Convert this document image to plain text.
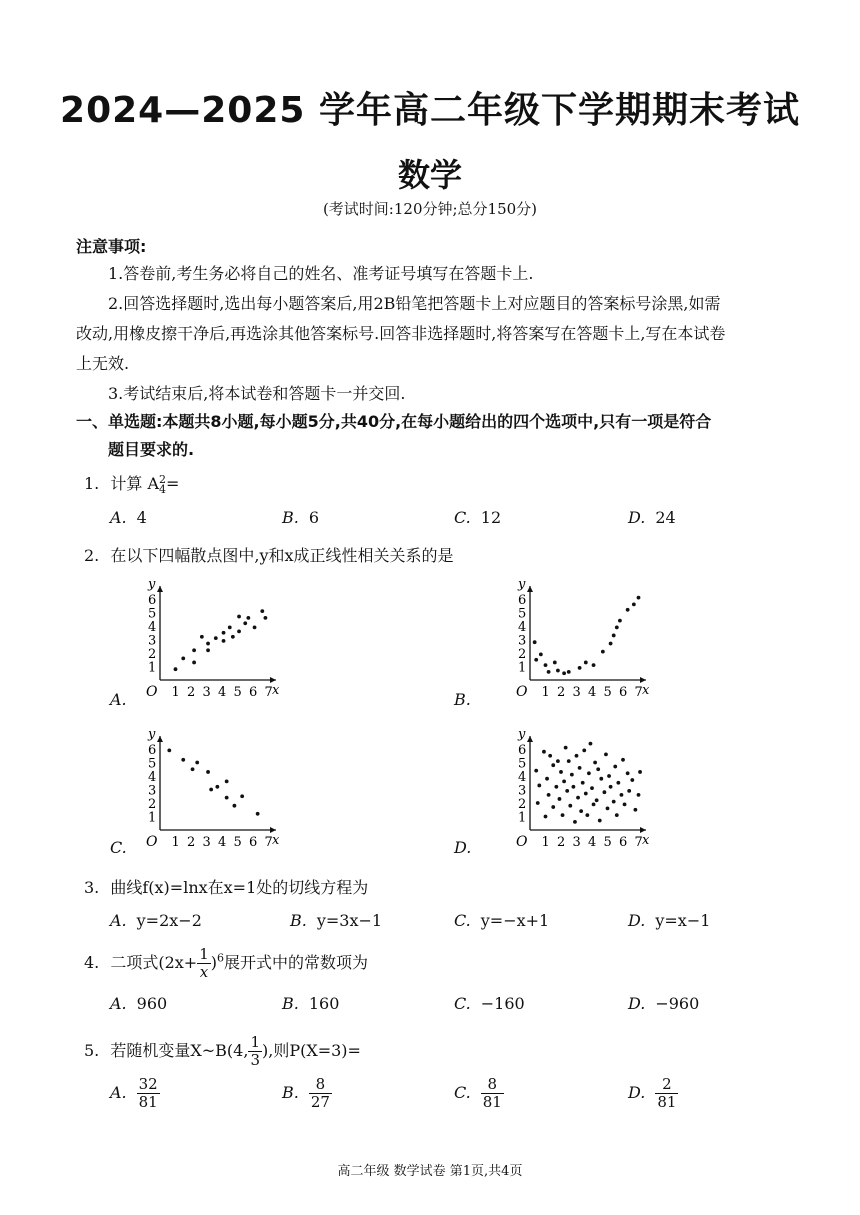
2024—2025 学年高二年级下学期期末考试
数学
(考试时间:120分钟;总分150分)
注意事项:
1.答卷前,考生务必将自己的姓名、准考证号填写在答题卡上.
2.回答选择题时,选出每小题答案后,用2B铅笔把答题卡上对应题目的答案标号涂黑,如需
改动,用橡皮擦干净后,再选涂其他答案标号.回答非选择题时,将答案写在答题卡上,写在本试卷
上无效.
3.考试结束后,将本试卷和答题卡一并交回.
一、单选题:本题共8小题,每小题5分,共40分,在每小题给出的四个选项中,只有一项是符合
题目要求的.
1. 计算 A 2
4 =
A. 4	B. 6	C. 12	D. 24
2. 在以下四幅散点图中,y和x成正线性相关关系的是
A.	B.
C.	D.
O	x
y
1 2 3 4 5 6 7
1
2
3
4
5
6
O	x
y
1 2 3 4 5 6 7
1
2
3
4
5
6
O	x
y
1 2 3 4 5 6 7
1
2
3
4
5
6
O	x
y
1 2 3 4 5 6 7
1
2
3
4
5
6
3. 曲线f(x)=lnx在x=1处的切线方程为
A. y=2x−2	B. y=3x−1	C. y=−x+1	D. y=x−1
4. 二项式$(2x+ \frac{1}{x} )^6$展开式中的常数项为
A. 960	B. 160	C. −160	D. −960
5. 若随机变量X~B(4, $\frac{1}{3}$ ),则P(X=3)=
A. $\frac{32}{81}$	B. $\frac{8}{27}$	C. $\frac{8}{81}$	D. $\frac{2}{81}$
高二年级 数学试卷 第1页,共4页
